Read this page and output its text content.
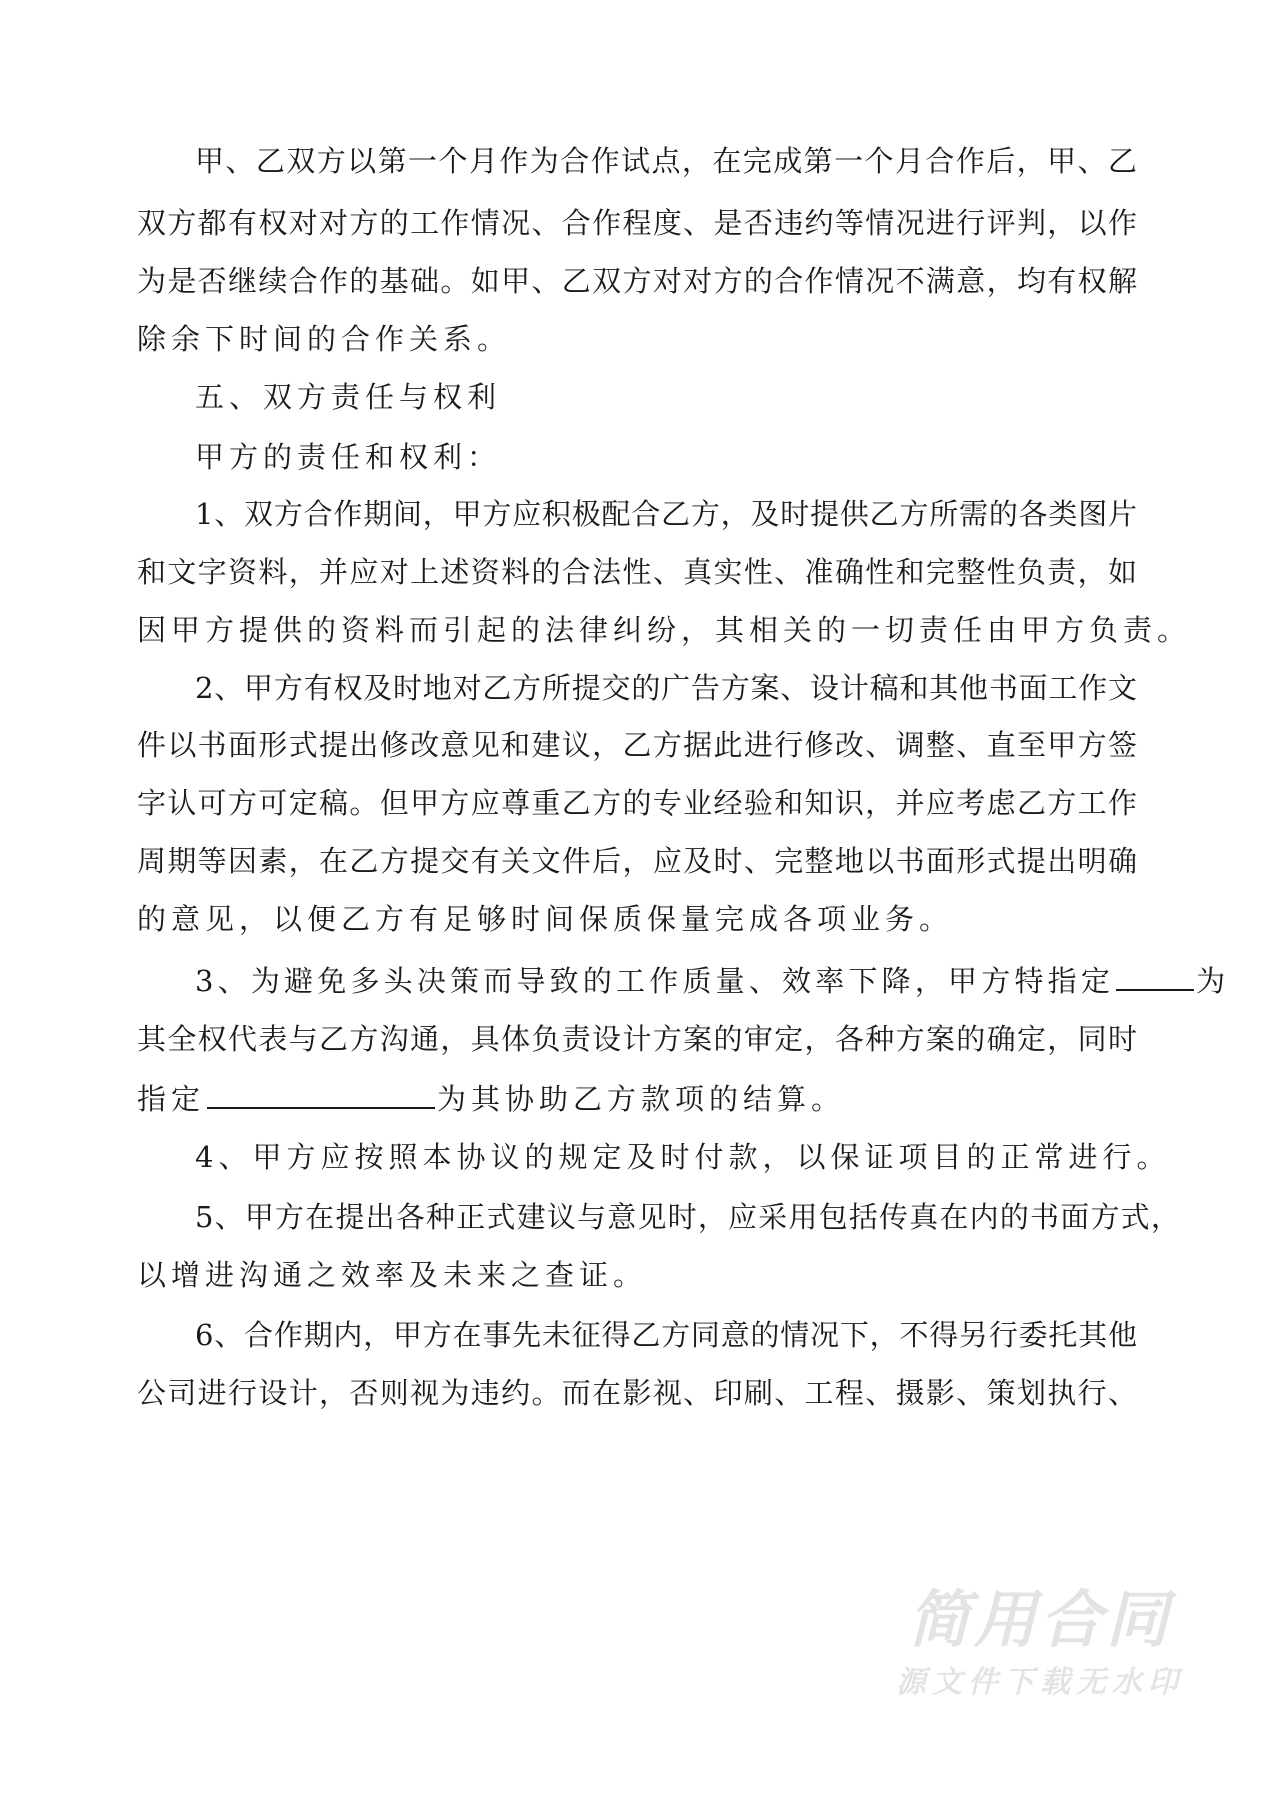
甲、乙双方以第一个月作为合作试点，在完成第一个月合作后，甲、乙
双方都有权对对方的工作情况、合作程度、是否违约等情况进行评判，以作
为是否继续合作的基础。如甲、乙双方对对方的合作情况不满意，均有权解
除余下时间的合作关系。
五、双方责任与权利
甲方的责任和权利：
1、双方合作期间，甲方应积极配合乙方，及时提供乙方所需的各类图片
和文字资料，并应对上述资料的合法性、真实性、准确性和完整性负责，如
因甲方提供的资料而引起的法律纠纷，其相关的一切责任由甲方负责。
2、甲方有权及时地对乙方所提交的广告方案、设计稿和其他书面工作文
件以书面形式提出修改意见和建议，乙方据此进行修改、调整、直至甲方签
字认可方可定稿。但甲方应尊重乙方的专业经验和知识，并应考虑乙方工作
周期等因素，在乙方提交有关文件后，应及时、完整地以书面形式提出明确
的意见，以便乙方有足够时间保质保量完成各项业务。
3、为避免多头决策而导致的工作质量、效率下降，甲方特指定	为
其全权代表与乙方沟通，具体负责设计方案的审定，各种方案的确定，同时
指定	为其协助乙方款项的结算。
4、甲方应按照本协议的规定及时付款，以保证项目的正常进行。
5、甲方在提出各种正式建议与意见时，应采用包括传真在内的书面方式，
以增进沟通之效率及未来之查证。
6、合作期内，甲方在事先未征得乙方同意的情况下，不得另行委托其他
公司进行设计，否则视为违约。而在影视、印刷、工程、摄影、策划执行、
简用合同
源文件下载无水印
